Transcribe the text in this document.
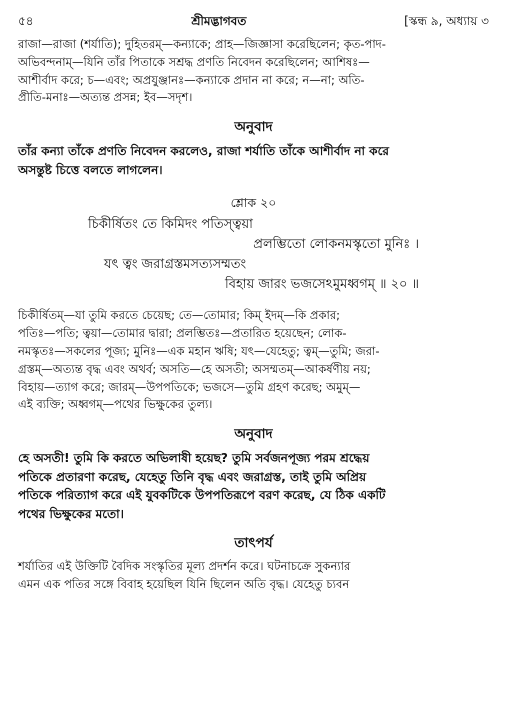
৫৪	শ্রীমদ্ভাগবত	[স্কন্ধ ৯, অধ্যায় ৩

রাজা—রাজা (শর্যাতি); দুহিতরম্—কন্যাকে; প্রাহ—জিজ্ঞাসা করেছিলেন; কৃত-পাদ-

অভিবন্দনাম্—যিনি তাঁর পিতাকে সশ্রদ্ধ প্রণতি নিবেদন করেছিলেন; আশিষঃ—

আশীর্বাদ করে; চ—এবং; অপ্রযুঞ্জানঃ—কন্যাকে প্রদান না করে; ন—না; অতি-

প্রীতি-মনাঃ—অত্যন্ত প্রসন্ন; ইব—সদৃশ।

অনুবাদ

তাঁর কন্যা তাঁকে প্রণতি নিবেদন করলেও, রাজা শর্যাতি তাঁকে আশীর্বাদ না করে

অসন্তুষ্ট চিত্তে বলতে লাগলেন।

শ্লোক ২০
চিকীর্ষিতং তে কিমিদং পতিস্ত্বয়া
প্রলম্ভিতো লোকনমস্কৃতো মুনিঃ ।
যৎ ত্বং জরাগ্রস্তমসত্যসম্মতং
বিহায় জারং ভজসেঽমুমধ্বগম্ ॥ ২০ ॥

চিকীর্ষিতম্—যা তুমি করতে চেয়েছ; তে—তোমার; কিম্ ইদম্—কি প্রকার;

পতিঃ—পতি; ত্বয়া—তোমার দ্বারা; প্রলম্ভিতঃ—প্রতারিত হয়েছেন; লোক-

নমস্কৃতঃ—সকলের পূজ্য; মুনিঃ—এক মহান ঋষি; যৎ—যেহেতু; ত্বম্—তুমি; জরা-

গ্রস্তম্—অত্যন্ত বৃদ্ধ এবং অথর্ব; অসতি—হে অসতী; অসম্মতম্—আকর্ষণীয় নয়;

বিহায়—ত্যাগ করে; জারম্—উপপতিকে; ভজসে—তুমি গ্রহণ করেছ; অমুম্—

এই ব্যক্তি; অধ্বগম্—পথের ভিক্ষুকের তুল্য।

অনুবাদ

হে অসতী! তুমি কি করতে অভিলাষী হয়েছ? তুমি সর্বজনপূজ্য পরম শ্রদ্ধেয়

পতিকে প্রতারণা করেছ, যেহেতু তিনি বৃদ্ধ এবং জরাগ্রস্ত, তাই তুমি অপ্রিয়

পতিকে পরিত্যাগ করে এই যুবকটিকে উপপতিরূপে বরণ করেছ, যে ঠিক একটি

পথের ভিক্ষুকের মতো।

তাৎপর্য

শর্যাতির এই উক্তিটি বৈদিক সংস্কৃতির মূল্য প্রদর্শন করে। ঘটনাচক্রে সুকন্যার

এমন এক পতির সঙ্গে বিবাহ হয়েছিল যিনি ছিলেন অতি বৃদ্ধ। যেহেতু চ্যবন
